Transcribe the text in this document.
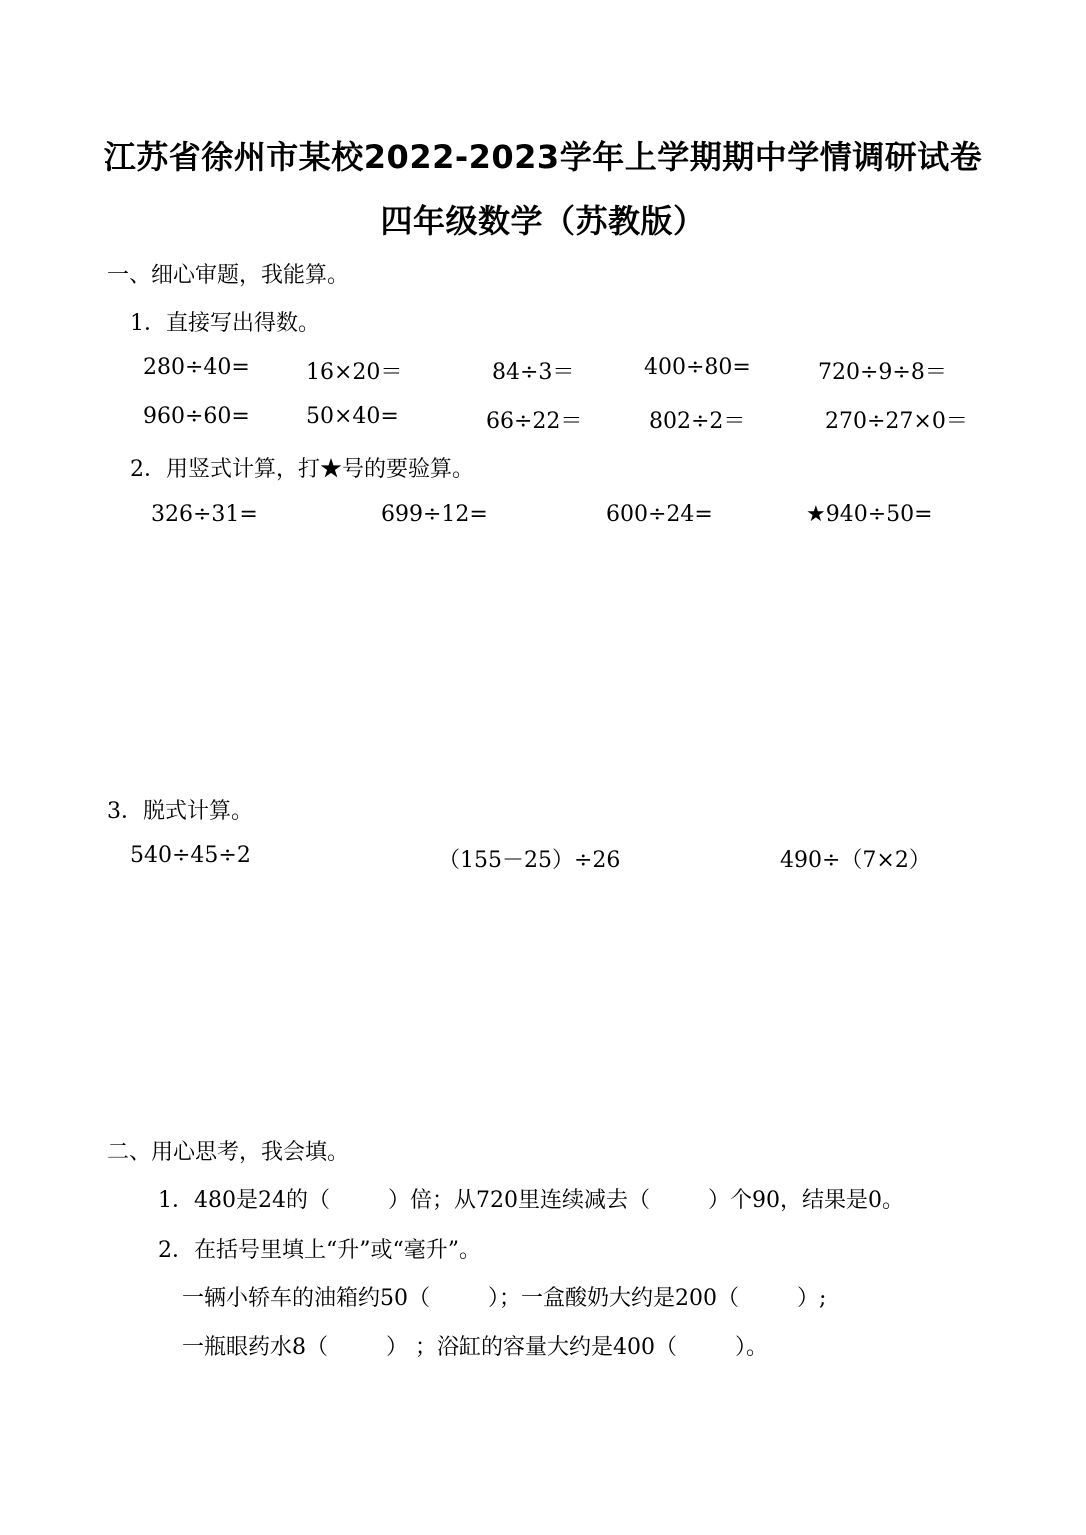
江苏省徐州市某校2022-2023学年上学期期中学情调研试卷
四年级数学（苏教版）
一、细心审题，我能算。
1．直接写出得数。
280÷40=	16×20＝	84÷3＝	400÷80=	720÷9÷8＝
960÷60=	50×40=	66÷22＝	802÷2＝	270÷27×0＝
2．用竖式计算，打★号的要验算。
326÷31=	699÷12=	600÷24=	★940÷50=
3．脱式计算。
540÷45÷2	（155－25）÷26	490÷（7×2）
二、用心思考，我会填。
1．480是24的（	）倍；从720里连续减去（	）个90，结果是0。
2．在括号里填上“升”或“毫升”。
一辆小轿车的油箱约50（	）；一盒酸奶大约是200（	）;
一瓶眼药水8（	） ；浴缸的容量大约是400（	）。
